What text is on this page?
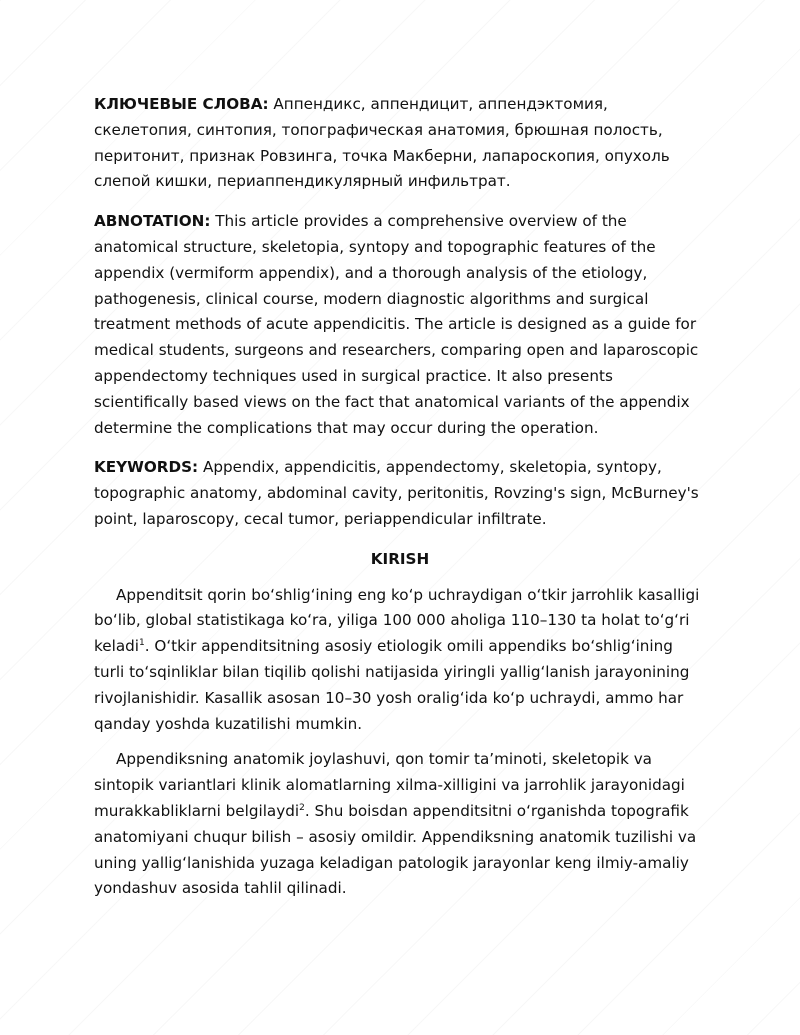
КЛЮЧЕВЫЕ СЛОВА: Аппендикс, аппендицит, аппендэктомия, скелетопия, синтопия, топографическая анатомия, брюшная полость, перитонит, признак Ровзинга, точка Макберни, лапароскопия, опухоль слепой кишки, периаппендикулярный инфильтрат.

ABNOTATION: This article provides a comprehensive overview of the anatomical structure, skeletopia, syntopy and topographic features of the appendix (vermiform appendix), and a thorough analysis of the etiology, pathogenesis, clinical course, modern diagnostic algorithms and surgical treatment methods of acute appendicitis. The article is designed as a guide for medical students, surgeons and researchers, comparing open and laparoscopic appendectomy techniques used in surgical practice. It also presents scientifically based views on the fact that anatomical variants of the appendix determine the complications that may occur during the operation.

KEYWORDS: Appendix, appendicitis, appendectomy, skeletopia, syntopy, topographic anatomy, abdominal cavity, peritonitis, Rovzing's sign, McBurney's point, laparoscopy, cecal tumor, periappendicular infiltrate.

KIRISH

Appenditsit qorin boʻshligʻining eng koʻp uchraydigan oʻtkir jarrohlik kasalligi boʻlib, global statistikaga koʻra, yiliga 100 000 aholiga 110–130 ta holat toʻgʻri keladi$^1$. Oʻtkir appenditsitning asosiy etiologik omili appendiks boʻshligʻining turli toʻsqinliklar bilan tiqilib qolishi natijasida yiringli yalligʻlanish jarayonining rivojlanishidir. Kasallik asosan 10–30 yosh oraligʻida koʻp uchraydi, ammo har qanday yoshda kuzatilishi mumkin.

Appendiksning anatomik joylashuvi, qon tomir taʼminoti, skeletopik va sintopik variantlari klinik alomatlarning xilma-xilligini va jarrohlik jarayonidagi murakkabliklarni belgilaydi$^2$. Shu boisdan appenditsitni oʻrganishda topografik anatomiyani chuqur bilish – asosiy omildir. Appendiksning anatomik tuzilishi va uning yalligʻlanishida yuzaga keladigan patologik jarayonlar keng ilmiy-amaliy yondashuv asosida tahlil qilinadi.
